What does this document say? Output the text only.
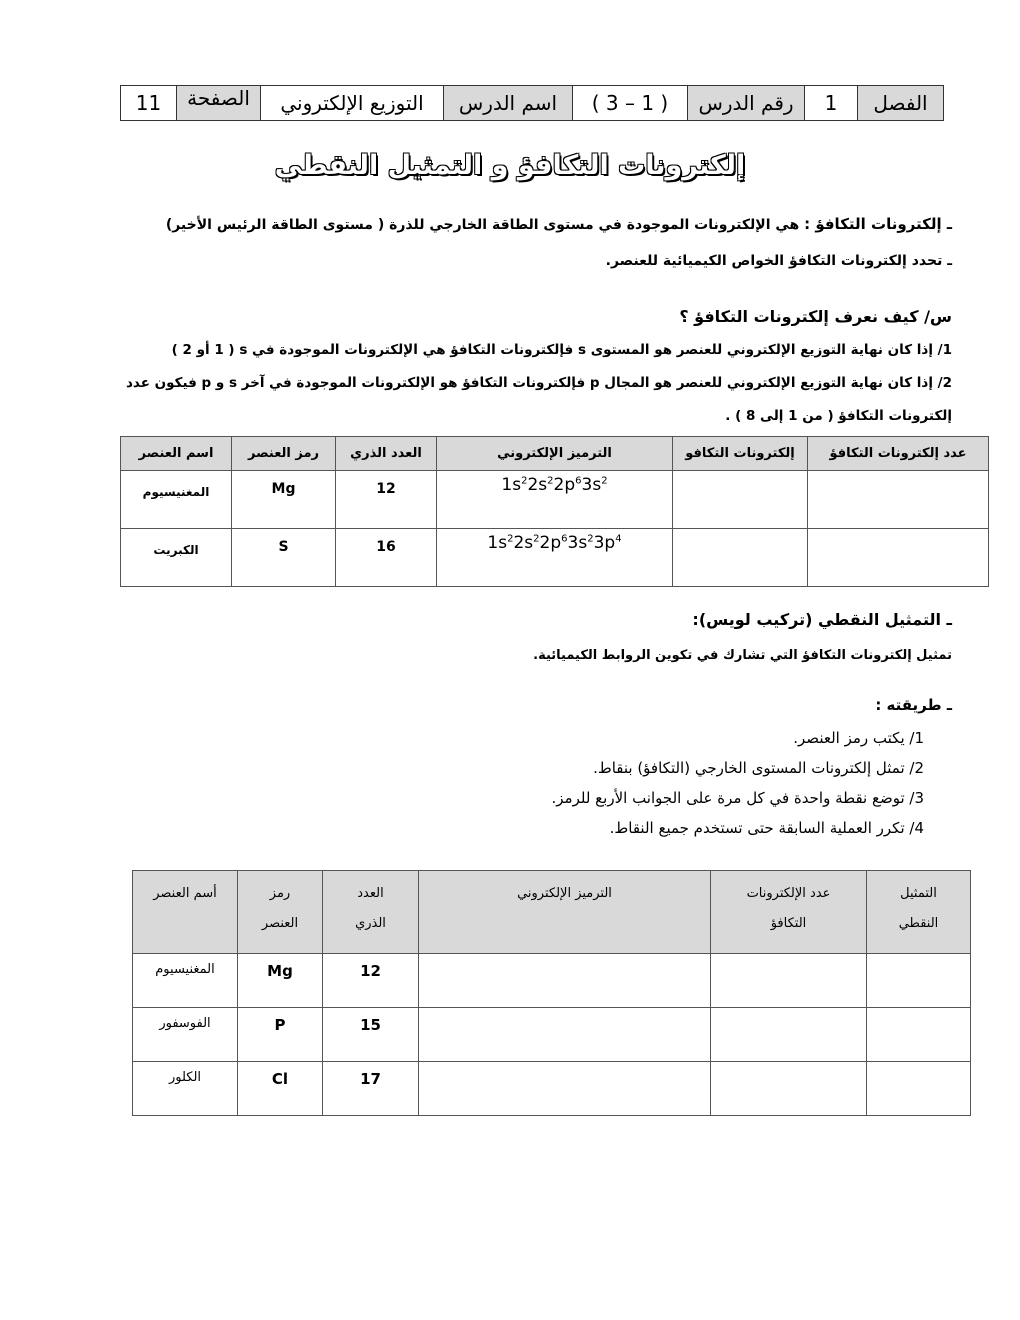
الفصل	1	رقم الدرس	( 3 – 1 )	اسم الدرس	التوزيع الإلكتروني	الصفحة	11
إلكترونات التكافؤ و التمثيل النقطي
ـ إلكترونات التكافؤ : هي الإلكترونات الموجودة في مستوى الطاقة الخارجي للذرة ( مستوى الطاقة الرئيس الأخير)
ـ تحدد إلكترونات التكافؤ الخواص الكيميائية للعنصر.
س/ كيف نعرف إلكترونات التكافؤ ؟
1/ إذا كان نهاية التوزيع الإلكتروني للعنصر هو المستوى s فإلكترونات التكافؤ هي الإلكترونات الموجودة في s ( 1 أو 2 )
2/ إذا كان نهاية التوزيع الإلكتروني للعنصر هو المجال p فإلكترونات التكافؤ هو الإلكترونات الموجودة في آخر s و p فيكون عدد
إلكترونات التكافؤ ( من 1 إلى 8 ) .
اسم العنصر	رمز العنصر	العدد الذري	الترميز الإلكتروني	إلكترونات التكافو	عدد إلكترونات التكافؤ
المغنيسيوم	Mg	12	$1s^22s^22p^63s^2$		
الكبريت	S	16	$1s^22s^22p^63s^23p^4$		
ـ التمثيل النقطي (تركيب لويس):
تمثيل إلكترونات التكافؤ التي تشارك في تكوين الروابط الكيميائية.
ـ طريقته :
1/ يكتب رمز العنصر.
2/ تمثل إلكترونات المستوى الخارجي (التكافؤ) بنقاط.
3/ توضع نقطة واحدة في كل مرة على الجوانب الأربع للرمز.
4/ تكرر العملية السابقة حتى تستخدم جميع النقاط.
أسم العنصر	رمز العنصر	العدد الذري	الترميز الإلكتروني	عدد الإلكترونات التكافؤ	التمثيل النقطي
المغنيسيوم	Mg	12			
الفوسفور	P	15			
الكلور	Cl	17			
